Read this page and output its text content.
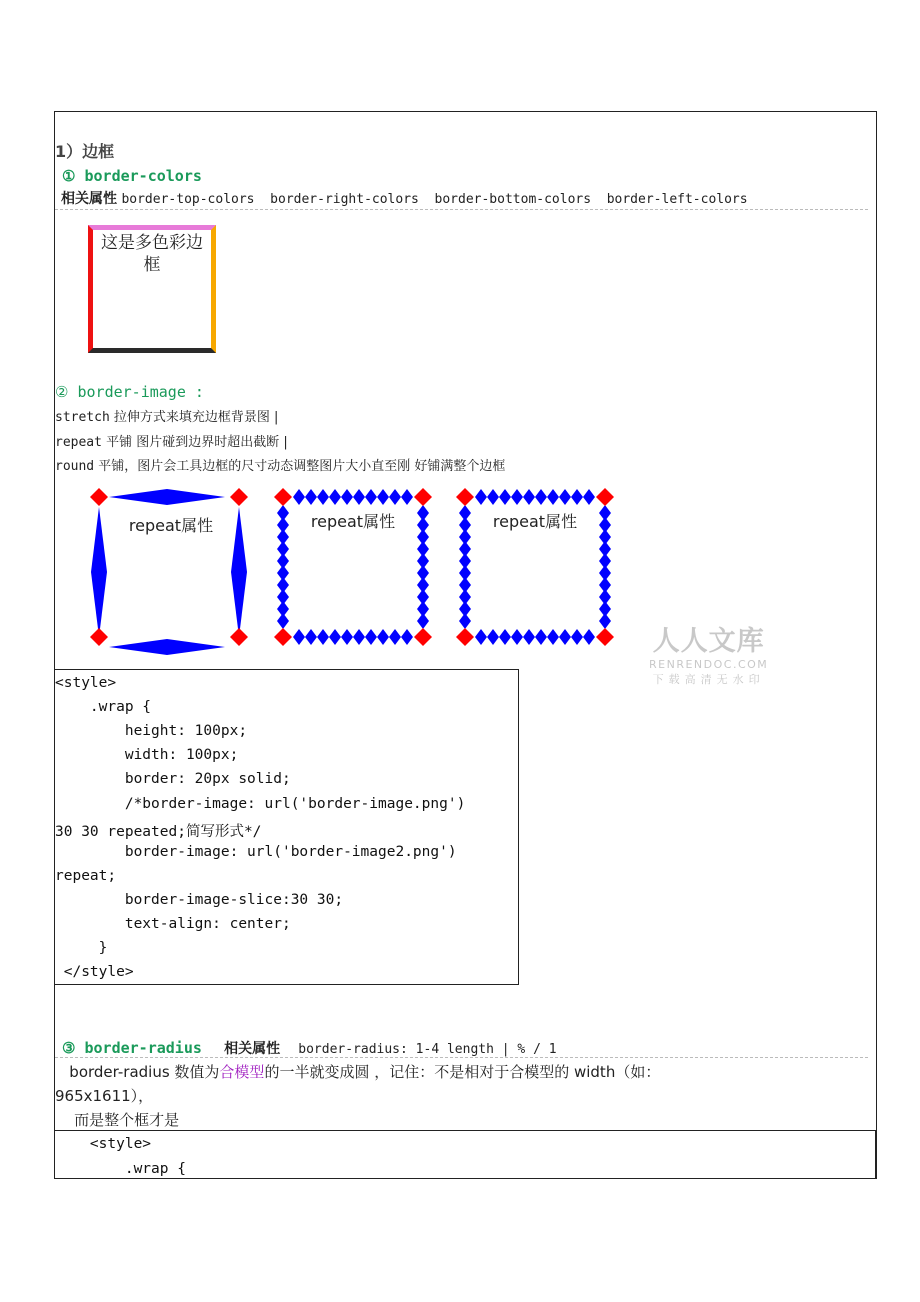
1）边框
① border-colors
相关属性 border-top-colors  border-right-colors  border-bottom-colors  border-left-colors
这是多色彩边框
② border-image :
stretch 拉伸方式来填充边框背景图 |
repeat 平铺 图片碰到边界时超出截断 |
round 平铺，图片会工具边框的尺寸动态调整图片大小直至刚 好铺满整个边框
repeat属性	repeat属性	repeat属性
人人文库
RENRENDOC.COM
下载高清无水印
<style>
.wrap {
height: 100px;
width: 100px;
border: 20px solid;
/*border-image: url('border-image.png')
30 30 repeated;简写形式*/
border-image: url('border-image2.png')
repeat;
border-image-slice:30 30;
text-align: center;
}
</style>
③ border-radius 相关属性 border-radius: 1-4 length | % / 1
border-radius 数值为合模型的一半就变成圆 ，记住：不是相对于合模型的 width（如：
965x1611），
而是整个框才是
<style>
.wrap {
